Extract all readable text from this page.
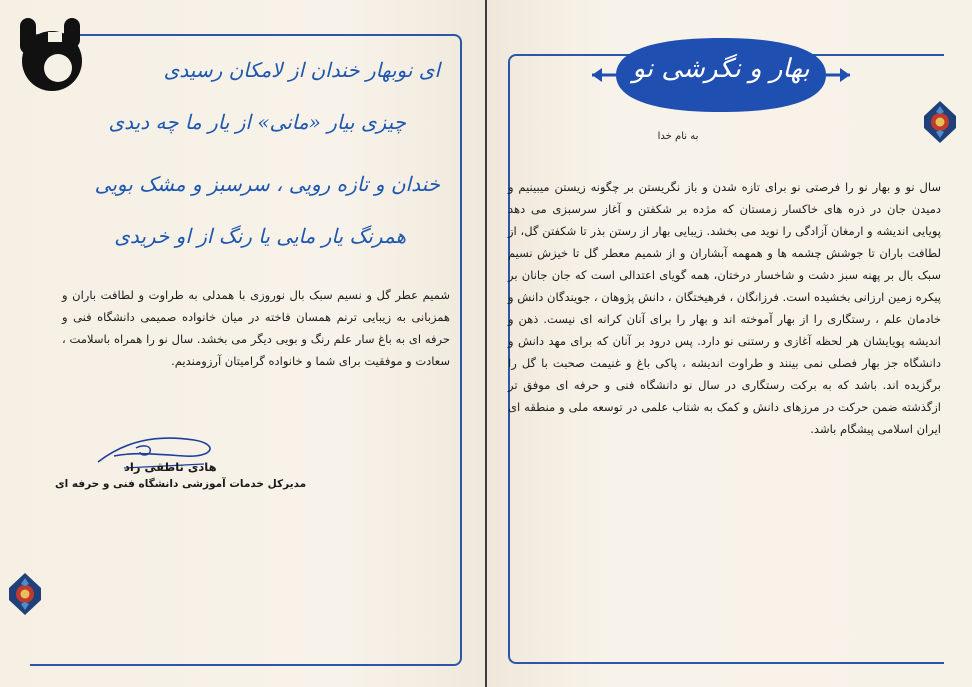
ای نوبهار خندان از لامکان رسیدی
چیزی بیار «مانی» از یار ما چه دیدی
خندان و تازه رویی ، سرسبز و مشک بویی
همرنگ یار مایی یا رنگ از او خریدی
شمیم عطر گل و نسیم سبک بال نوروزی با همدلی به طراوت و لطافت باران و همزبانی به زیبایی ترنم همسان فاخته در میان خانواده صمیمی دانشگاه فنی و حرفه ای به باغ سار علم رنگ و بویی دیگر می بخشد. سال نو را همراه باسلامت ، سعادت و موفقیت برای شما و خانواده گرامیتان آرزومندیم.
هادی ناطقی راد
مدیرکل خدمات آموزشی دانشگاه فنی و حرفه ای
بهار و نگرشی نو
به نام خدا
سال نو و بهار نو را فرصتی نو برای تازه شدن و باز نگریستن بر چگونه زیستن میبینیم و دمیدن جان در ذره های خاکسار زمستان که مژده بر شکفتن و آغاز سرسبزی می دهد پویایی اندیشه و ارمغان آزادگی را نوید می بخشد. زیبایی بهار از رستن بذر تا شکفتن گل، از لطافت باران تا جوشش چشمه ها و همهمه آبشاران و از شمیم معطر گل تا خیزش نسیم سبک بال بر پهنه سبز دشت و شاخسار درختان، همه گویای اعتدالی است که جان جانان بر پیکره زمین ارزانی بخشیده است. فرزانگان ، فرهیختگان ، دانش پژوهان ، جویندگان دانش و خادمان علم ، رستگاری را از بهار آموخته اند و بهار را برای آنان کرانه ای نیست. ذهن و اندیشه پویایشان هر لحظه آغازی و رستنی نو دارد. پس درود بر آنان که برای مهد دانش و دانشگاه جز بهار فصلی نمی بینند و طراوت اندیشه ، پاکی باغ و غنیمت صحبت با گل را برگزیده اند. باشد که به برکت رستگاری در سال نو دانشگاه فنی و حرفه ای موفق تر ازگذشته ضمن حرکت در مرزهای دانش و کمک به شتاب علمی در توسعه ملی و منطقه ای ایران اسلامی پیشگام باشد.
